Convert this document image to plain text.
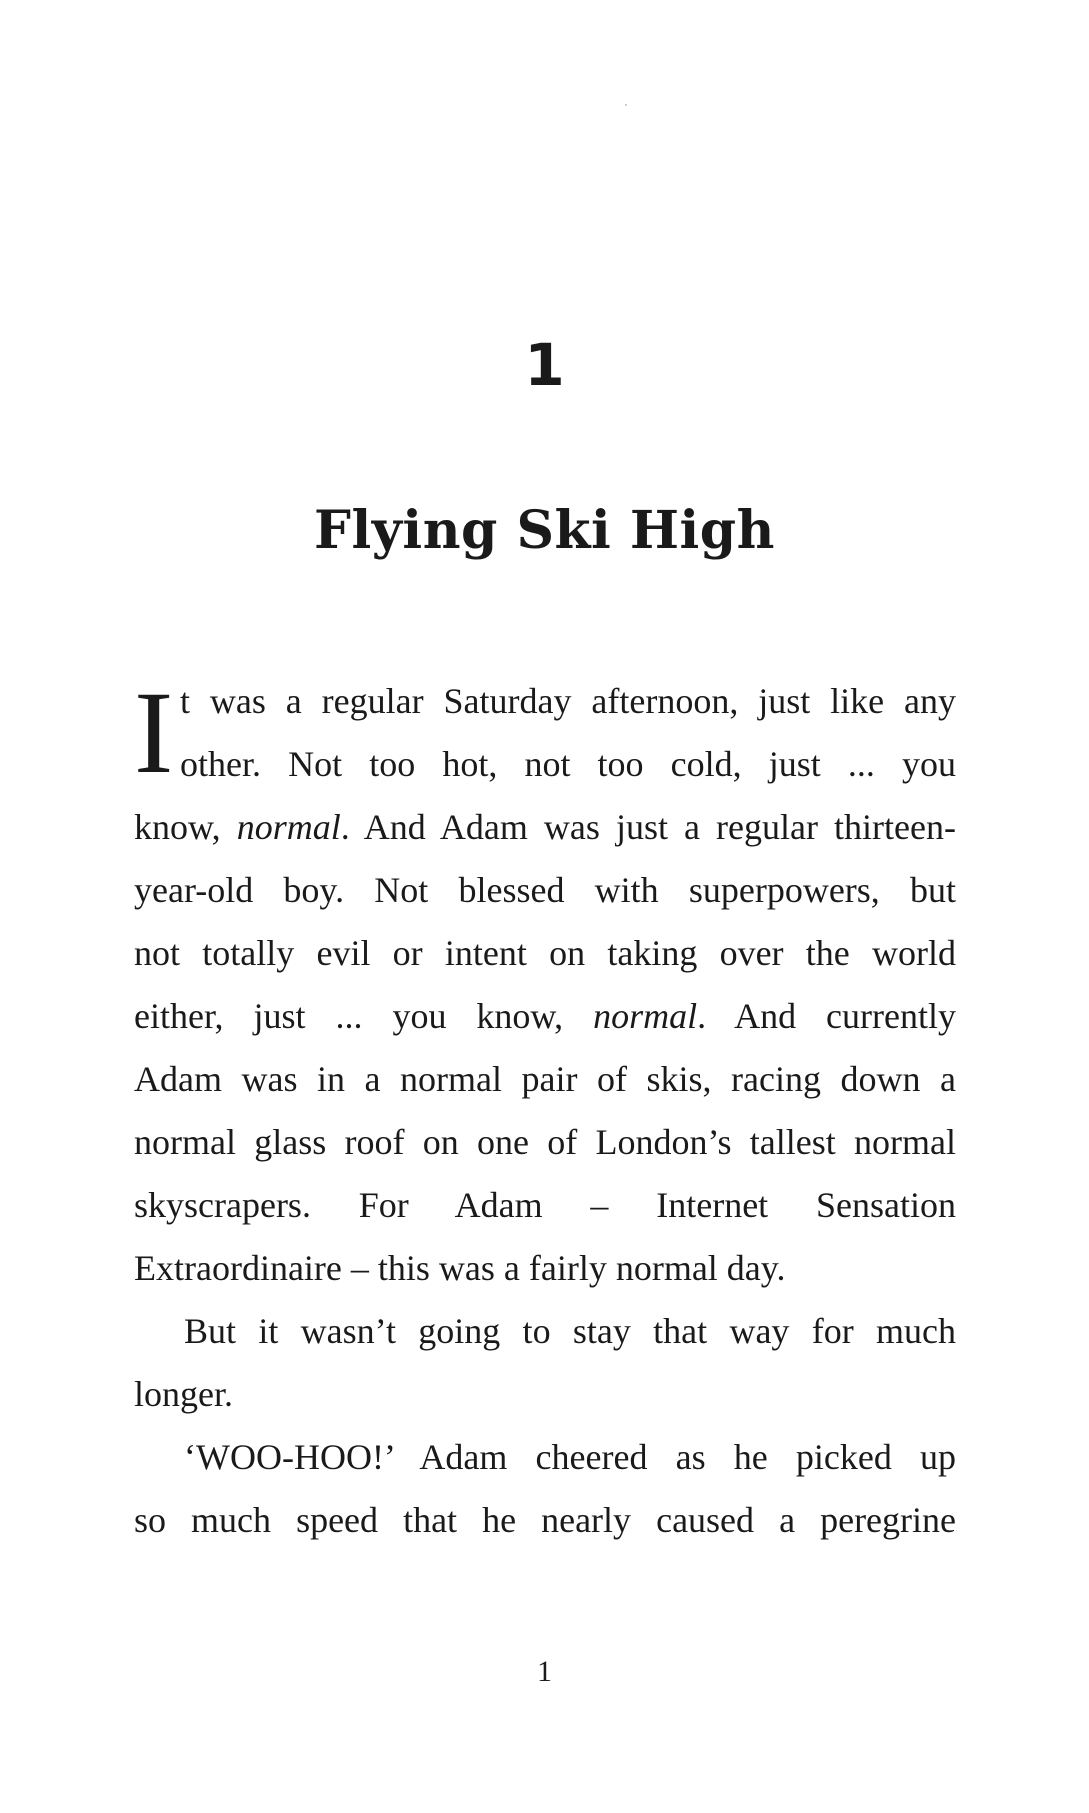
1
Flying Ski High
I t was a regular Saturday afternoon, just like any
other. Not too hot, not too cold, just ... you
know, normal. And Adam was just a regular thirteen-
year-old boy. Not blessed with superpowers, but
not totally evil or intent on taking over the world
either, just ... you know, normal. And currently
Adam was in a normal pair of skis, racing down a
normal glass roof on one of London’s tallest normal
skyscrapers. For Adam – Internet Sensation
Extraordinaire – this was a fairly normal day.
But it wasn’t going to stay that way for much
longer.
‘WOO-HOO!’ Adam cheered as he picked up
so much speed that he nearly caused a peregrine
1
